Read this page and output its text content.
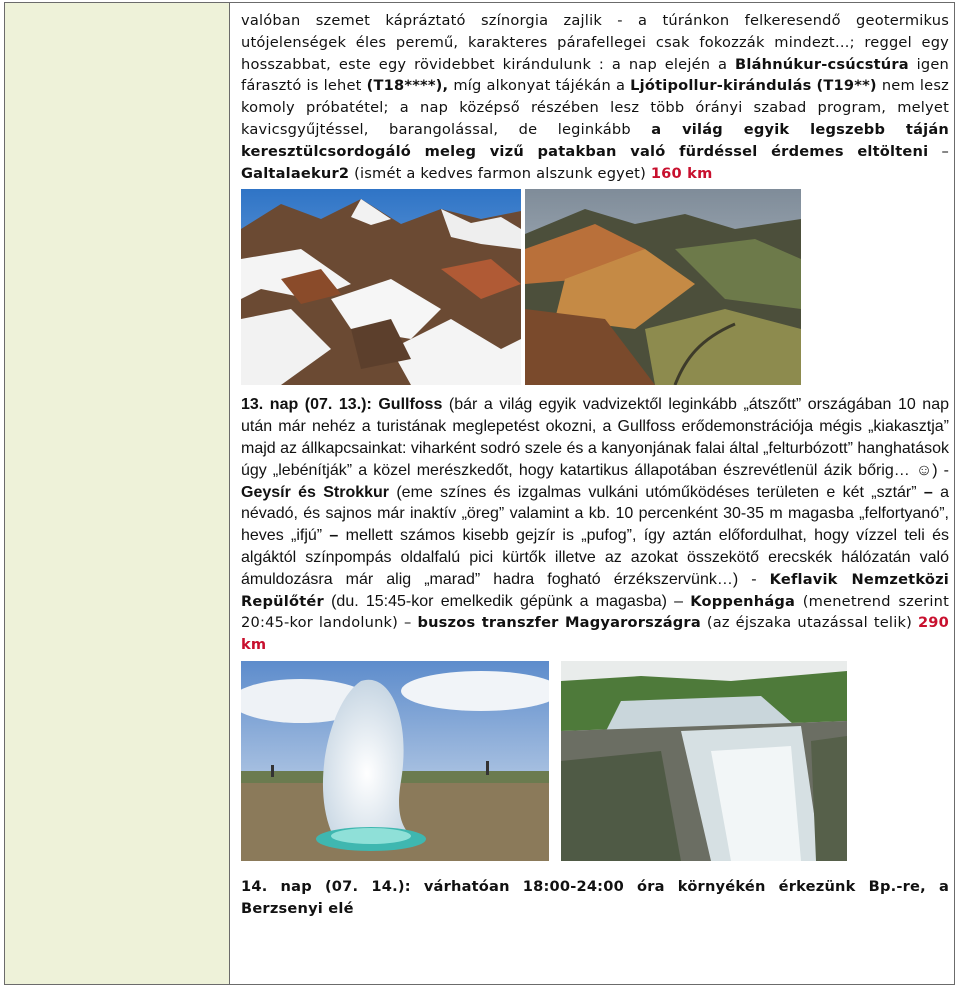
valóban szemet kápráztató színorgia zajlik - a túránkon felkeresendő geotermikus utójelenségek éles peremű, karakteres párafellegei csak fokozzák mindezt…; reggel egy hosszabbat, este egy rövidebbet kirándulunk : a nap elején a Bláhnúkur-csúcstúra igen fárasztó is lehet (T18****), míg alkonyat tájékán a Ljótipollur-kirándulás (T19**) nem lesz komoly próbatétel; a nap középső részében lesz több órányi szabad program, melyet kavicsgyűjtéssel, barangolással, de leginkább a világ egyik legszebb táján keresztülcsordogáló meleg vizű patakban való fürdéssel érdemes eltölteni – Galtalaekur2 (ismét a kedves farmon alszunk egyet) 160 km

13. nap (07. 13.): Gullfoss (bár a világ egyik vadvizektől leginkább „átszőtt” országában 10 nap után már nehéz a turistának meglepetést okozni, a Gullfoss erődemonstrációja mégis „kiakasztja” majd az állkapcsainkat: viharként sodró szele és a kanyonjának falai által „felturbózott” hanghatások úgy „lebénítják” a közel merészkedőt, hogy katartikus állapotában észrevétlenül ázik bőrig… ☺) - Geysír és Strokkur (eme színes és izgalmas vulkáni utóműködéses területen e két „sztár” – a névadó, és sajnos már inaktív „öreg” valamint a kb. 10 percenként 30-35 m magasba „felfortyanó”, heves „ifjú” – mellett számos kisebb gejzír is „pufog”, így aztán előfordulhat, hogy vízzel teli és algáktól színpompás oldalfalú pici kürtők illetve az azokat összekötő erecskék hálózatán való ámuldozásra már alig „marad” hadra fogható érzékszervünk…) - Keflavik Nemzetközi Repülőtér (du. 15:45-kor emelkedik gépünk a magasba) – Koppenhága (menetrend szerint 20:45-kor landolunk) – buszos transzfer Magyarországra (az éjszaka utazással telik) 290 km

14. nap (07. 14.): várhatóan 18:00-24:00 óra környékén érkezünk Bp.-re, a Berzsenyi elé
